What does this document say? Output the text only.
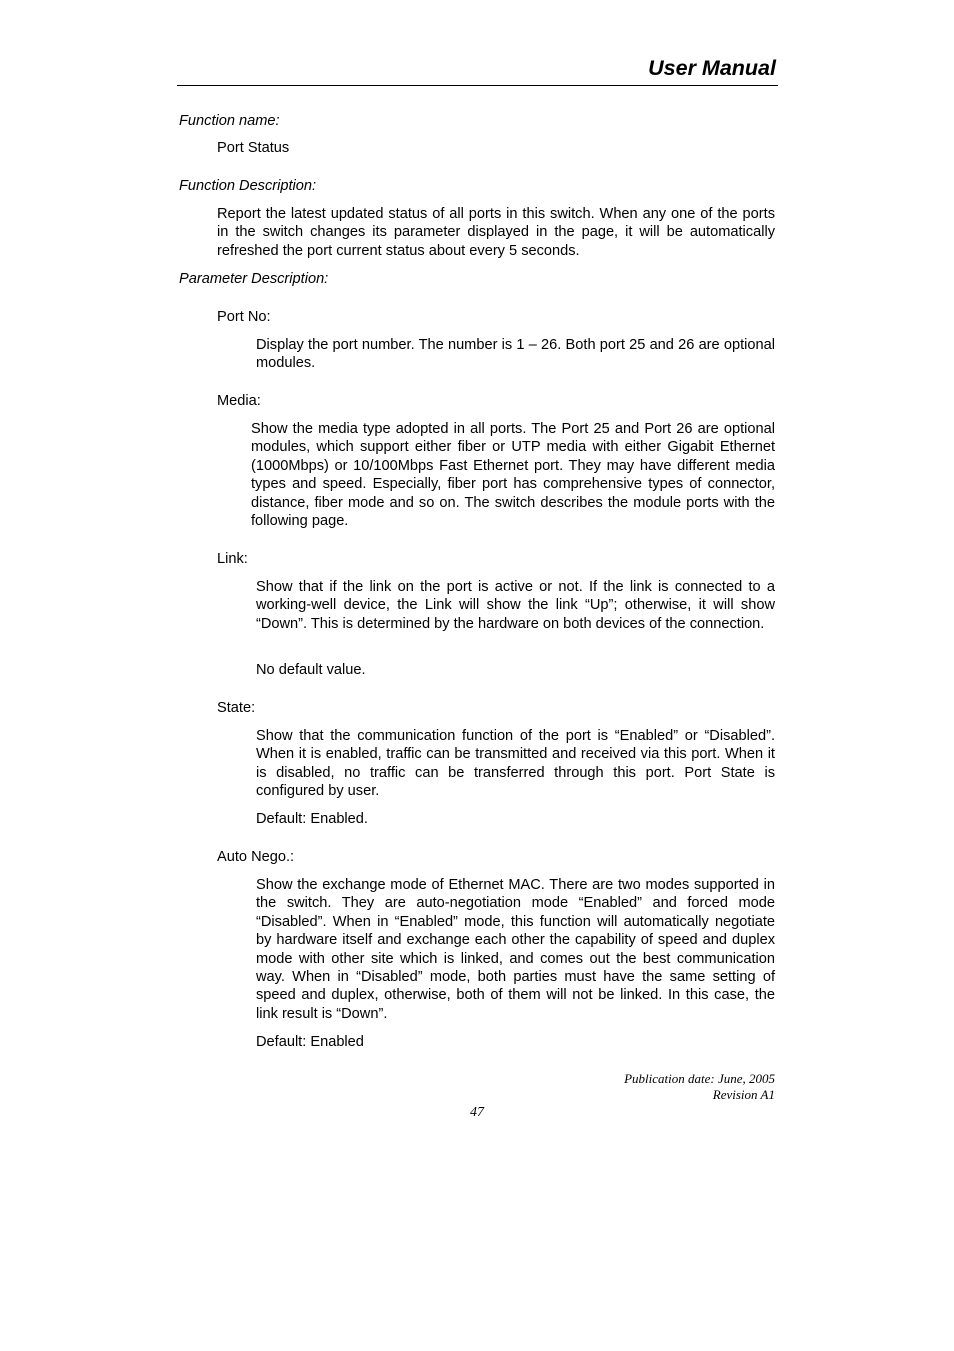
User Manual
Function name:
Port Status
Function Description:
Report the latest updated status of all ports in this switch. When any one of the ports in the switch changes its parameter displayed in the page, it will be automatically refreshed the port current status about every 5 seconds.
Parameter Description:
Port No:
Display the port number. The number is 1 – 26. Both port 25 and 26 are optional modules.
Media:
Show the media type adopted in all ports. The Port 25 and Port 26 are optional modules, which support either fiber or UTP media with either Gigabit Ethernet (1000Mbps) or 10/100Mbps Fast Ethernet port. They may have different media types and speed. Especially, fiber port has comprehensive types of connector, distance, fiber mode and so on. The switch describes the module ports with the following page.
Link:
Show that if the link on the port is active or not. If the link is connected to a working-well device, the Link will show the link “Up”; otherwise, it will show “Down”. This is determined by the hardware on both devices of the connection.
No default value.
State:
Show that the communication function of the port is “Enabled” or “Disabled”. When it is enabled, traffic can be transmitted and received via this port. When it is disabled, no traffic can be transferred through this port. Port State is configured by user.
Default: Enabled.
Auto Nego.:
Show the exchange mode of Ethernet MAC. There are two modes supported in the switch. They are auto-negotiation mode “Enabled” and forced mode “Disabled”. When in “Enabled” mode, this function will automatically negotiate by hardware itself and exchange each other the capability of speed and duplex mode with other site which is linked, and comes out the best communication way. When in “Disabled” mode, both parties must have the same setting of speed and duplex, otherwise, both of them will not be linked. In this case, the link result is “Down”.
Default: Enabled
Publication date: June, 2005
Revision A1
47
